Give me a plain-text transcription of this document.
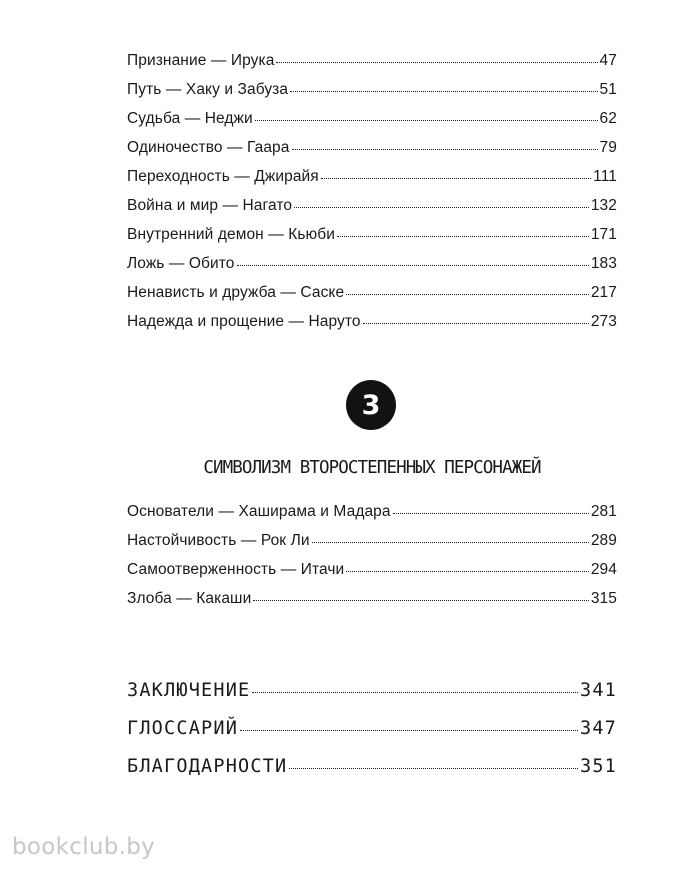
Признание — Ирука	47
Путь — Хаку и Забуза	51
Судьба — Неджи	62
Одиночество — Гаара	79
Переходность — Джирайя	111
Война и мир — Нагато	132
Внутренний демон — Кьюби	171
Ложь — Обито	183
Ненависть и дружба — Саске	217
Надежда и прощение — Наруто	273
3
СИМВОЛИЗМ ВТОРОСТЕПЕННЫХ ПЕРСОНАЖЕЙ
Основатели — Хаширама и Мадара	281
Настойчивость — Рок Ли	289
Самоотверженность — Итачи	294
Злоба — Какаши	315
ЗАКЛЮЧЕНИЕ	341
ГЛОССАРИЙ	347
БЛАГОДАРНОСТИ	351
bookclub.by
